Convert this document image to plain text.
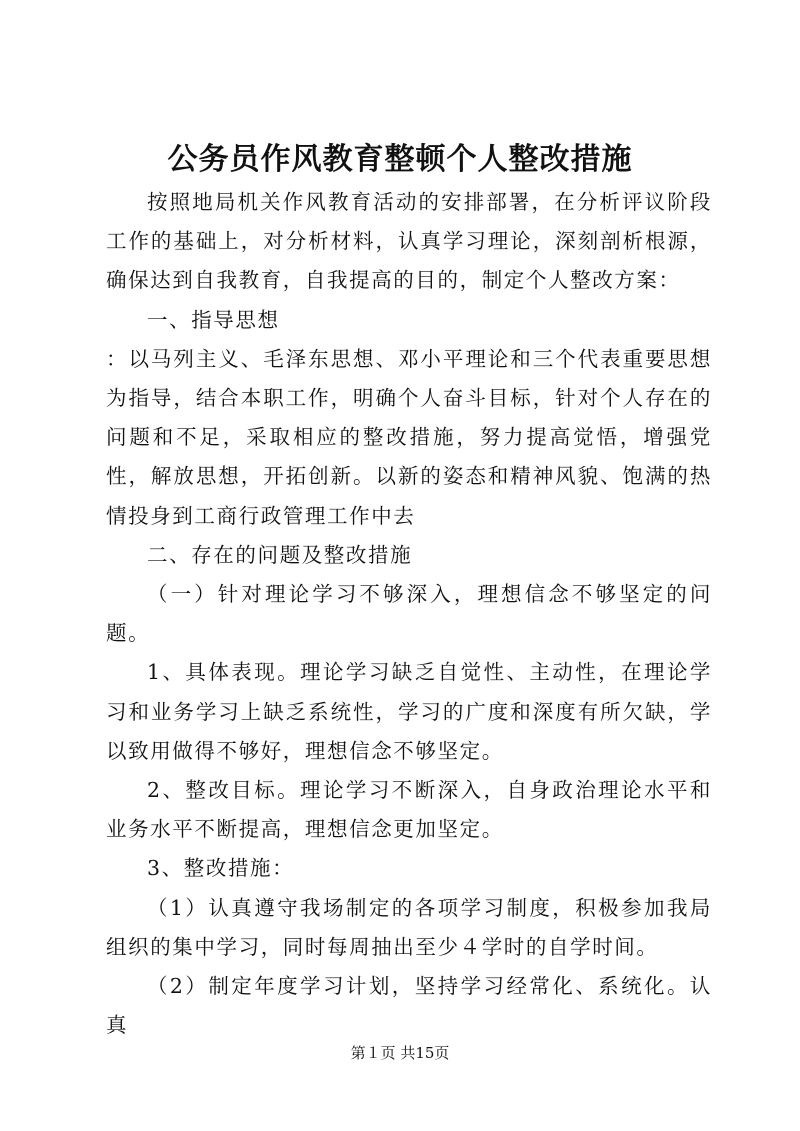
公务员作风教育整顿个人整改措施

按照地局机关作风教育活动的安排部署，在分析评议阶段工作的基础上，对分析材料，认真学习理论，深刻剖析根源，确保达到自我教育，自我提高的目的，制定个人整改方案：

一、指导思想

：以马列主义、毛泽东思想、邓小平理论和三个代表重要思想为指导，结合本职工作，明确个人奋斗目标，针对个人存在的问题和不足，采取相应的整改措施，努力提高觉悟，增强党性，解放思想，开拓创新。以新的姿态和精神风貌、饱满的热情投身到工商行政管理工作中去

二、存在的问题及整改措施

（一）针对理论学习不够深入，理想信念不够坚定的问题。

1、具体表现。理论学习缺乏自觉性、主动性，在理论学习和业务学习上缺乏系统性，学习的广度和深度有所欠缺，学以致用做得不够好，理想信念不够坚定。

2、整改目标。理论学习不断深入，自身政治理论水平和业务水平不断提高，理想信念更加坚定。

3、整改措施：

（1）认真遵守我场制定的各项学习制度，积极参加我局组织的集中学习，同时每周抽出至少４学时的自学时间。

（2）制定年度学习计划，坚持学习经常化、系统化。认真

第１页 共15页
